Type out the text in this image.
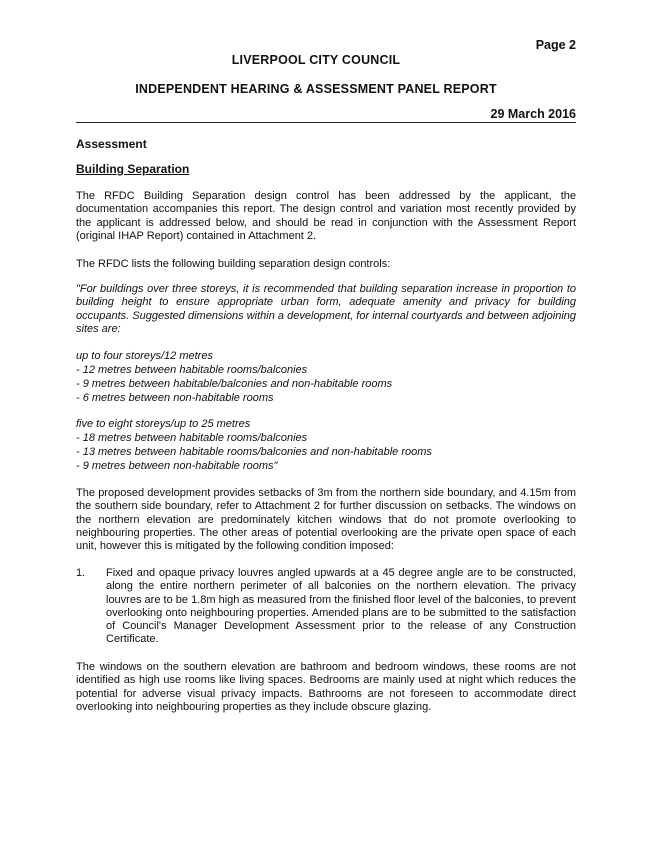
Page 2
LIVERPOOL CITY COUNCIL
INDEPENDENT HEARING & ASSESSMENT PANEL REPORT
29 March 2016
Assessment
Building Separation

The RFDC Building Separation design control has been addressed by the applicant, the documentation accompanies this report. The design control and variation most recently provided by the applicant is addressed below, and should be read in conjunction with the Assessment Report (original IHAP Report) contained in Attachment 2.

The RFDC lists the following building separation design controls:

"For buildings over three storeys, it is recommended that building separation increase in proportion to building height to ensure appropriate urban form, adequate amenity and privacy for building occupants. Suggested dimensions within a development, for internal courtyards and between adjoining sites are:

up to four storeys/12 metres
- 12 metres between habitable rooms/balconies
- 9 metres between habitable/balconies and non-habitable rooms
- 6 metres between non-habitable rooms
five to eight storeys/up to 25 metres
- 18 metres between habitable rooms/balconies
- 13 metres between habitable rooms/balconies and non-habitable rooms
- 9 metres between non-habitable rooms"

The proposed development provides setbacks of 3m from the northern side boundary, and 4.15m from the southern side boundary, refer to Attachment 2 for further discussion on setbacks. The windows on the northern elevation are predominately kitchen windows that do not promote overlooking to neighbouring properties. The other areas of potential overlooking are the private open space of each unit, however this is mitigated by the following condition imposed:

1. Fixed and opaque privacy louvres angled upwards at a 45 degree angle are to be constructed, along the entire northern perimeter of all balconies on the northern elevation. The privacy louvres are to be 1.8m high as measured from the finished floor level of the balconies, to prevent overlooking onto neighbouring properties. Amended plans are to be submitted to the satisfaction of Council's Manager Development Assessment prior to the release of any Construction Certificate.

The windows on the southern elevation are bathroom and bedroom windows, these rooms are not identified as high use rooms like living spaces. Bedrooms are mainly used at night which reduces the potential for adverse visual privacy impacts. Bathrooms are not foreseen to accommodate direct overlooking into neighbouring properties as they include obscure glazing.
